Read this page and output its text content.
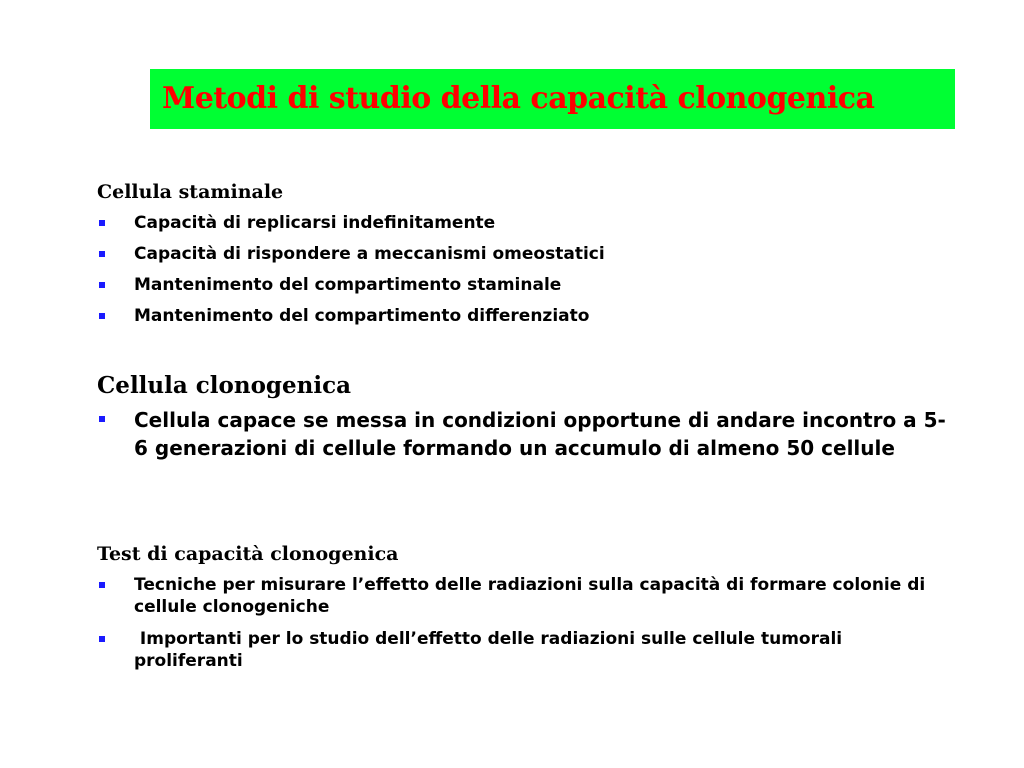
Metodi di studio della capacità clonogenica
Cellula staminale
Capacità di replicarsi indefinitamente
Capacità di rispondere a meccanismi omeostatici
Mantenimento del compartimento staminale
Mantenimento del compartimento differenziato
Cellula clonogenica
Cellula capace se messa in condizioni opportune di andare incontro a 5-6 generazioni di cellule formando un accumulo di almeno 50 cellule
Test di capacità clonogenica
Tecniche per misurare l’effetto delle radiazioni sulla capacità di formare colonie di cellule clonogeniche
Importanti per lo studio dell’effetto delle radiazioni sulle cellule tumorali proliferanti
